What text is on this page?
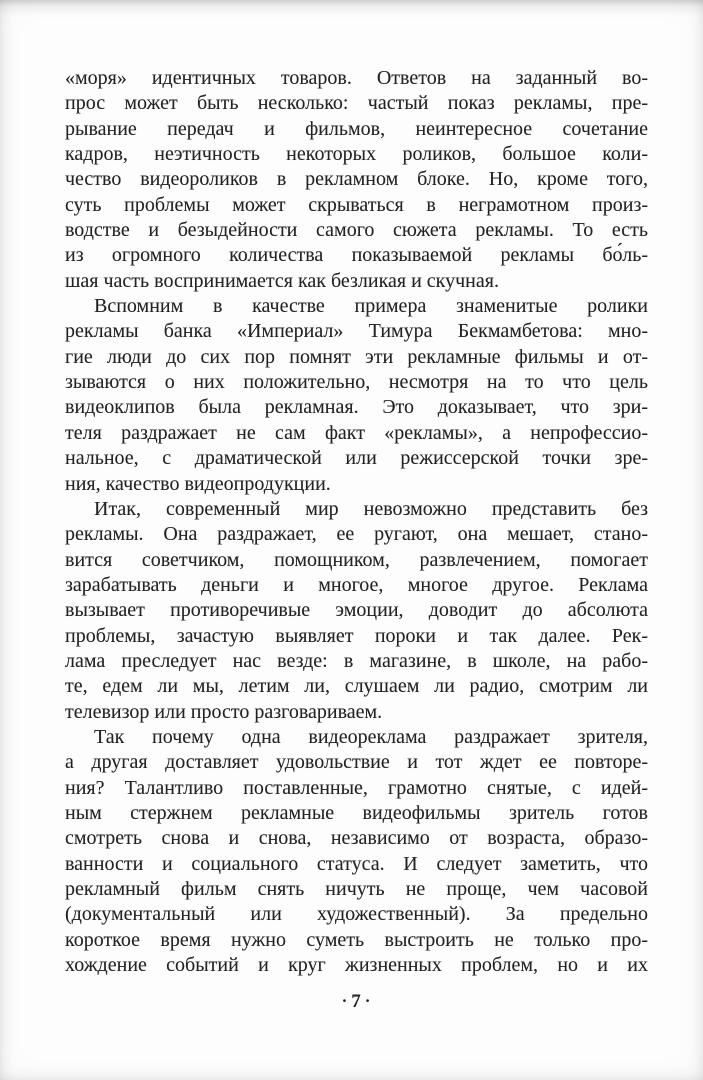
«моря» идентичных товаров. Ответов на заданный во-
прос может быть несколько: частый показ рекламы, пре-
рывание передач и фильмов, неинтересное сочетание
кадров, неэтичность некоторых роликов, большое коли-
чество видеороликов в рекламном блоке. Но, кроме того,
суть проблемы может скрываться в неграмотном произ-
водстве и безыдейности самого сюжета рекламы. То есть
из огромного количества показываемой рекламы бо́ль-
шая часть воспринимается как безликая и скучная.
Вспомним в качестве примера знаменитые ролики
рекламы банка «Империал» Тимура Бекмамбетова: мно-
гие люди до сих пор помнят эти рекламные фильмы и от-
зываются о них положительно, несмотря на то что цель
видеоклипов была рекламная. Это доказывает, что зри-
теля раздражает не сам факт «рекламы», а непрофессио-
нальное, с драматической или режиссерской точки зре-
ния, качество видеопродукции.
Итак, современный мир невозможно представить без
рекламы. Она раздражает, ее ругают, она мешает, стано-
вится советчиком, помощником, развлечением, помогает
зарабатывать деньги и многое, многое другое. Реклама
вызывает противоречивые эмоции, доводит до абсолюта
проблемы, зачастую выявляет пороки и так далее. Рек-
лама преследует нас везде: в магазине, в школе, на рабо-
те, едем ли мы, летим ли, слушаем ли радио, смотрим ли
телевизор или просто разговариваем.
Так почему одна видеореклама раздражает зрителя,
а другая доставляет удовольствие и тот ждет ее повторе-
ния? Талантливо поставленные, грамотно снятые, с идей-
ным стержнем рекламные видеофильмы зритель готов
смотреть снова и снова, независимо от возраста, образо-
ванности и социального статуса. И следует заметить, что
рекламный фильм снять ничуть не проще, чем часовой
(документальный или художественный). За предельно
короткое время нужно суметь выстроить не только про-
хождение событий и круг жизненных проблем, но и их
· 7 ·
